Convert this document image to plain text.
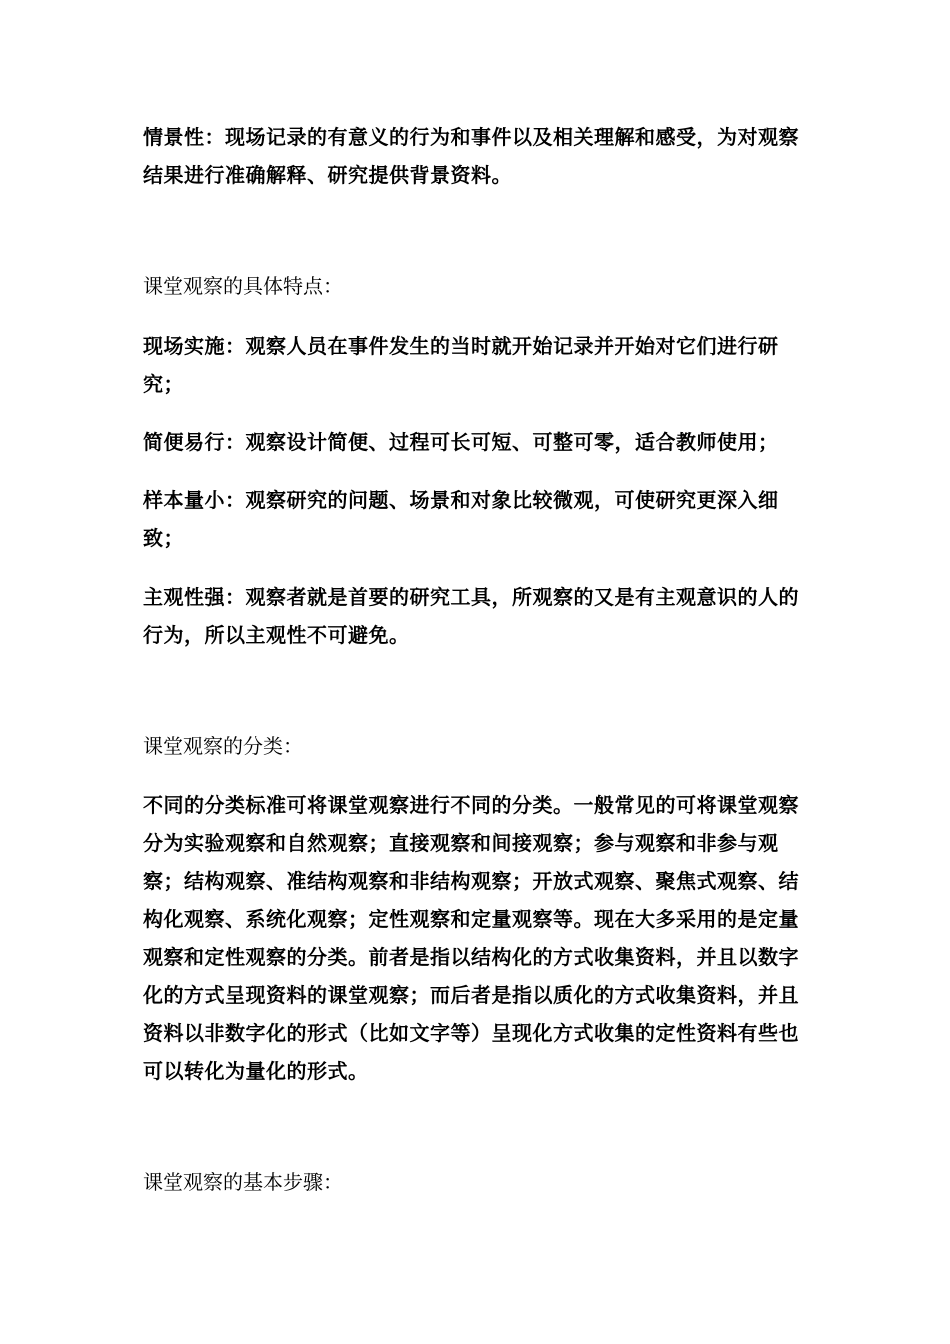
情景性：现场记录的有意义的行为和事件以及相关理解和感受，为对观察结果进行准确解释、研究提供背景资料。

课堂观察的具体特点：

现场实施：观察人员在事件发生的当时就开始记录并开始对它们进行研究；

简便易行：观察设计简便、过程可长可短、可整可零，适合教师使用；

样本量小：观察研究的问题、场景和对象比较微观，可使研究更深入细致；

主观性强：观察者就是首要的研究工具，所观察的又是有主观意识的人的行为，所以主观性不可避免。

课堂观察的分类：

不同的分类标准可将课堂观察进行不同的分类。一般常见的可将课堂观察分为实验观察和自然观察；直接观察和间接观察；参与观察和非参与观察；结构观察、准结构观察和非结构观察；开放式观察、聚焦式观察、结构化观察、系统化观察；定性观察和定量观察等。现在大多采用的是定量观察和定性观察的分类。前者是指以结构化的方式收集资料，并且以数字化的方式呈现资料的课堂观察；而后者是指以质化的方式收集资料，并且资料以非数字化的形式（比如文字等）呈现化方式收集的定性资料有些也可以转化为量化的形式。

课堂观察的基本步骤：
